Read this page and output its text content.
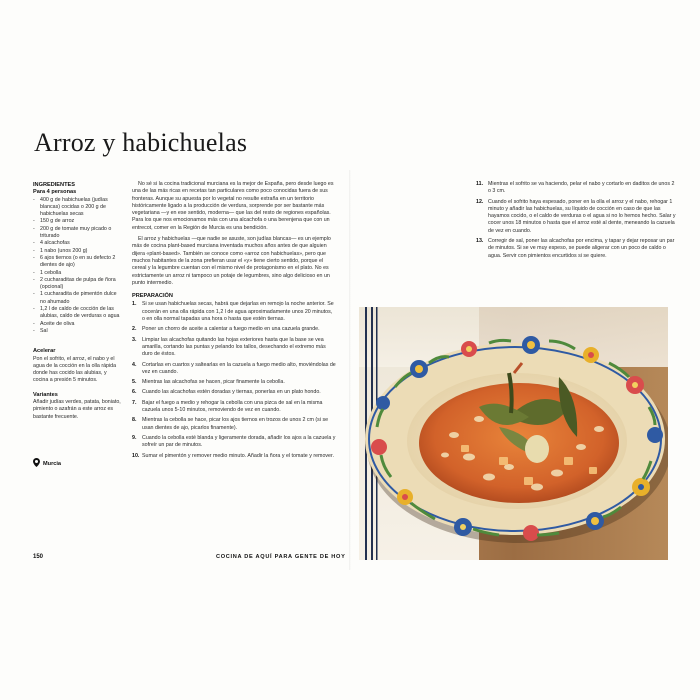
Arroz y habichuelas
INGREDIENTES
Para 4 personas
- 400 g de habichuelas (judías blancas) cocidas o 200 g de habichuelas secas
- 150 g de arroz
- 200 g de tomate muy picado o triturado
- 4 alcachofas
- 1 nabo (unos 200 g)
- 6 ajos tiernos (o en su defecto 2 dientes de ajo)
- 1 cebolla
- 2 cucharaditas de pulpa de ñora (opcional)
- 1 cucharadita de pimentón dulce no ahumado
- 1,2 l de caldo de cocción de las alubias, caldo de verduras o agua
- Aceite de oliva
- Sal
Acelerar
Pon el sofrito, el arroz, el nabo y el agua de la cocción en la olla rápida donde has cocido las alubias, y cocina a presión 5 minutos.
Variantes
Añadir judías verdes, patata, boniato, pimiento o azafrán a este arroz es bastante frecuente.
Murcia

No sé si la cocina tradicional murciana es la mejor de España, pero desde luego es una de las más ricas en recetas tan particulares como poco conocidas fuera de sus fronteras. Aunque su apuesta por lo vegetal no resulte extraña en un territorio históricamente ligado a la producción de verdura, sorprende por ser bastante más vegetariana —y en ese sentido, moderna— que las del resto de regiones españolas. Para los que nos emocionamos más con una alcachofa o una berenjena que con un entrecot, comer en la Región de Murcia es una bendición.

El arroz y habichuelas —que nadie se asuste, son judías blancas— es un ejemplo más de cocina plant-based murciana inventada muchos años antes de que alguien dijera «plant-based». También se conoce como «arroz con habichuelas», pero que muchos habitantes de la zona prefieran usar el «y» tiene cierto sentido, porque el cereal y la legumbre cuentan con el mismo nivel de protagonismo en el plato. No es estrictamente un arroz ni tampoco un potaje de legumbres, sino algo delicioso en un punto intermedio.

PREPARACIÓN
1.	Si se usan habichuelas secas, habrá que dejarlas en remojo la noche anterior. Se cocerán en una olla rápida con 1,2 l de agua aproximadamente unos 20 minutos, o en olla normal tapadas una hora o hasta que estén tiernas.
2.	Poner un chorro de aceite a calentar a fuego medio en una cazuela grande.
3.	Limpiar las alcachofas quitando las hojas exteriores hasta que la base se vea amarilla, cortando las puntas y pelando los tallos, desechando el extremo más duro de éstos.
4.	Cortarlas en cuartos y saltearlas en la cazuela a fuego medio alto, moviéndolas de vez en cuando.
5.	Mientras las alcachofas se hacen, picar finamente la cebolla.
6.	Cuando las alcachofas estén doradas y tiernas, ponerlas en un plato hondo.
7.	Bajar el fuego a medio y rehogar la cebolla con una pizca de sal en la misma cazuela unos 5-10 minutos, removiendo de vez en cuando.
8.	Mientras la cebolla se hace, picar los ajos tiernos en trozos de unos 2 cm (si se usan dientes de ajo, picarlos finamente).
9.	Cuando la cebolla esté blanda y ligeramente dorada, añadir los ajos a la cazuela y sofreír un par de minutos.
10. Sumar el pimentón y remover medio minuto. Añadir la ñora y el tomate y remover.
11. Mientras el sofrito se va haciendo, pelar el nabo y cortarlo en daditos de unos 2 o 3 cm.
12. Cuando el sofrito haya espesado, poner en la olla el arroz y el nabo, rehogar 1 minuto y añadir las habichuelas, su líquido de cocción en caso de que las hayamos cocido, o el caldo de verduras o el agua si no lo hemos hecho. Salar y cocer unos 18 minutos o hasta que el arroz esté al dente, meneando la cazuela de vez en cuando.
13. Corregir de sal, poner las alcachofas por encima, y tapar y dejar reposar un par de minutos. Si se ve muy espeso, se puede aligerar con un poco de caldo o agua. Servir con pimientos encurtidos si se quiere.
150	COCINA DE AQUÍ PARA GENTE DE HOY
